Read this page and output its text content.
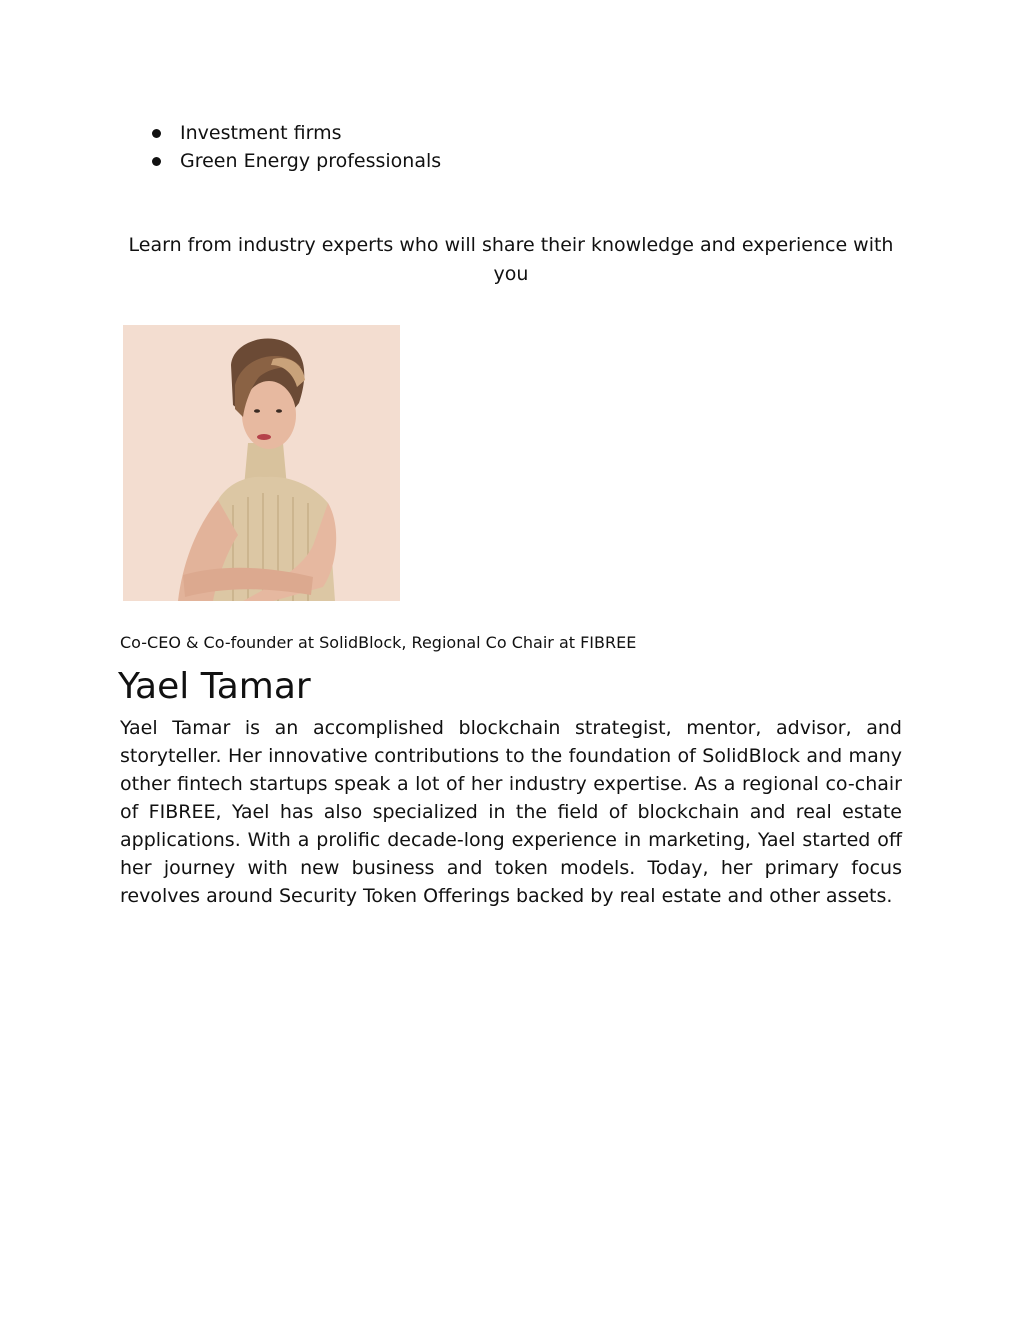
Investment firms
Green Energy professionals

Learn from industry experts who will share their knowledge and experience with you

Co-CEO & Co-founder at SolidBlock, Regional Co Chair at FIBREE
Yael Tamar

Yael Tamar is an accomplished blockchain strategist, mentor, advisor, and storyteller. Her innovative contributions to the foundation of SolidBlock and many other fintech startups speak a lot of her industry expertise. As a regional co-chair of FIBREE, Yael has also specialized in the field of blockchain and real estate applications. With a prolific decade-long experience in marketing, Yael started off her journey with new business and token models. Today, her primary focus revolves around Security Token Offerings backed by real estate and other assets.
